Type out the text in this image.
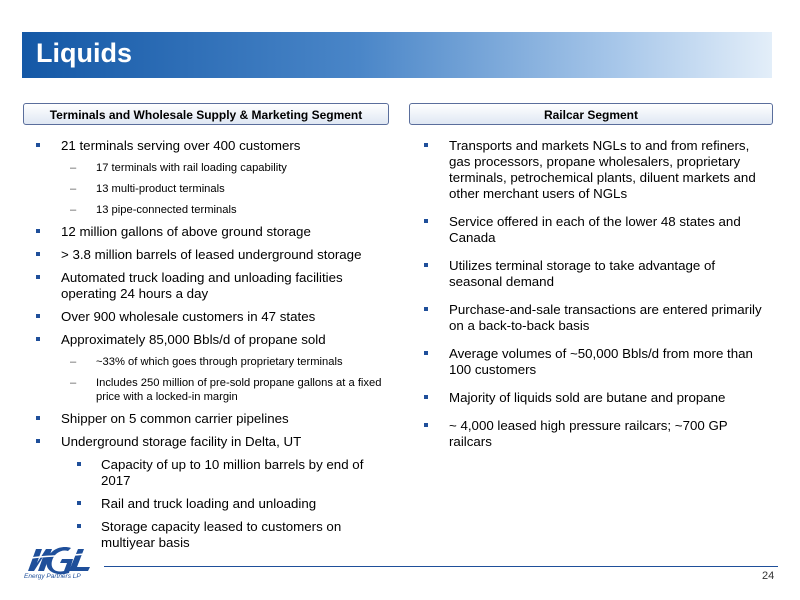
Liquids
Terminals and Wholesale Supply & Marketing Segment	Railcar Segment
21 terminals serving over 400 customers
–	17 terminals with rail loading capability
–	13 multi-product terminals
–	13 pipe-connected terminals
12 million gallons of above ground storage
> 3.8 million barrels of leased underground storage
Automated truck loading and unloading facilities operating 24 hours a day
Over 900 wholesale customers in 47 states
Approximately 85,000 Bbls/d of propane sold
–	~33% of which goes through proprietary terminals
–	Includes 250 million of pre-sold propane gallons at a fixed price with a locked-in margin
Shipper on 5 common carrier pipelines
Underground storage facility in Delta, UT
Capacity of up to 10 million barrels by end of 2017
Rail and truck loading and unloading
Storage capacity leased to customers on multiyear basis
Transports and markets NGLs to and from refiners, gas processors, propane wholesalers, proprietary terminals, petrochemical plants, diluent markets and other merchant users of NGLs
Service offered in each of the lower 48 states and Canada
Utilizes terminal storage to take advantage of seasonal demand
Purchase-and-sale transactions are entered primarily on a back-to-back basis
Average volumes of ~50,000 Bbls/d from more than 100 customers
Majority of liquids sold are butane and propane
~ 4,000 leased high pressure railcars; ~700 GP railcars
Energy Partners LP	24
